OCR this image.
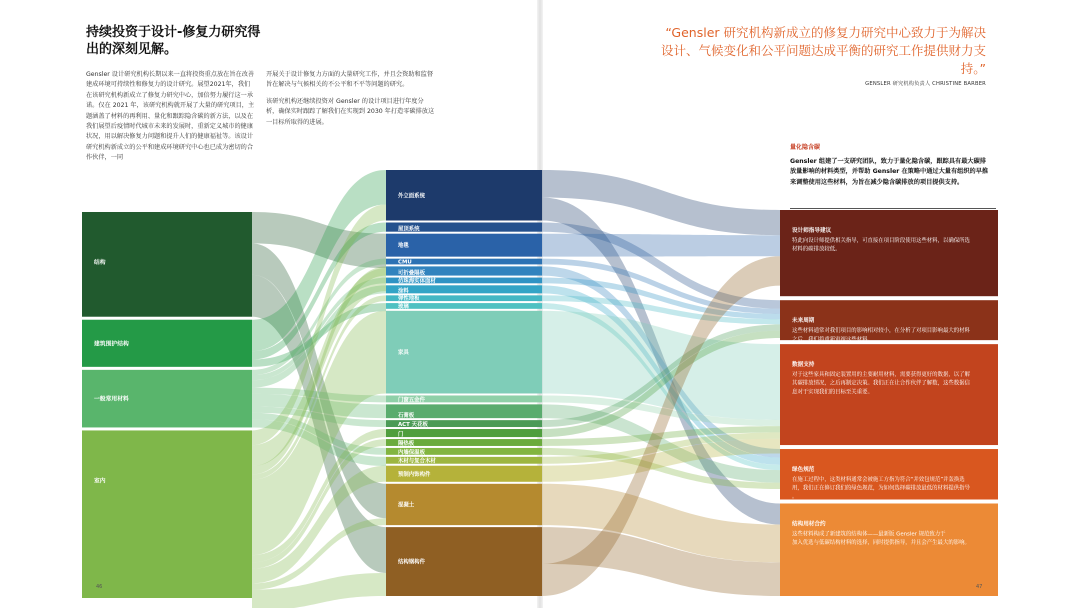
持续投资于设计-修复力研究得出的深刻见解。

Gensler 设计研究机构长期以来一直将投资重点放在旨在改善建成环境可持续性和修复力的设计研究。展望2021年，我们在该研究机构新成立了修复力研究中心，加倍努力履行这一承诺。仅在 2021 年，该研究机构就开展了大量的研究项目，主题涵盖了材料的再利用、量化和跟踪隐含碳的新方法，以及在我们展望后疫情时代城市未来的发展时，重新定义城市的健康状况，用以解决修复力问题和提升人们的健康福祉等。该设计研究机构新成立的公平和建成环境研究中心也已成为密切的合作伙伴，一同

开展关于设计修复力方面的大量研究工作，并且会资助和监督旨在解决与气候相关的不公平和不平等问题的研究。

该研究机构还继续投资对 Gensler 的设计项目进行年度分析，确保实时跟踪了解我们在实现到 2030 年打造零碳排放这一目标所取得的进展。

“Gensler 研究机构新成立的修复力研究中心致力于为解决设计、气候变化和公平问题达成平衡的研究工作提供财力支持。”

GENSLER 研究机构负责人 CHRISTINE BARBER
量化隐含碳

Gensler 组建了一支研究团队，致力于量化隐含碳，跟踪具有最大碳排放量影响的材料类型，并帮助 Gensler 在策略中通过大量有组织的早推来调整使用这些材料，为旨在减少隐含碳排放的项目提供支持。

结构
建筑围护结构
一般常用材料
室内
外立面系统
屋顶系统
地毯
CMU
可折叠隔板
仿珠海实体面材
涂料
弹性地板
玻璃
家具
门窗五金件
石膏板
ACT 天花板
门
隔热板
内墙保温板
木材与复合木材
预制内饰构件
混凝土
结构钢构件
设计师指导建议
特此向设计师提供相关指导，可直接在项目阶段使用这些材料，以确保所选材料的碳排放较低。
未来周期
这些材料通常对我们项目的影响相对较小，在分析了对项目影响最大的材料之后，我们将重新审视这些材料。
数据支持
对于这些家具和固定装置用的主要耐用材料，需要获得更好的数据，以了解其碳排放情况，之后再制定决策。我们正在让合作伙伴了解数，这些数据信息对于实现我们的目标至关重要。
绿色规范
在施工过程中，这类材料通常会被施工方指为符合“并效包规范”并轰换选用，我们正在修订我们的绿色规范，为如何选择碳排放最低的材料提供指导。
结构用材合约
这些材料构成了新建筑的结构体——最新版 Gensler 规范致力于加入优选与低碳结构材料的选择，同时提供指导，并且会产生最大的影响。
46	47
